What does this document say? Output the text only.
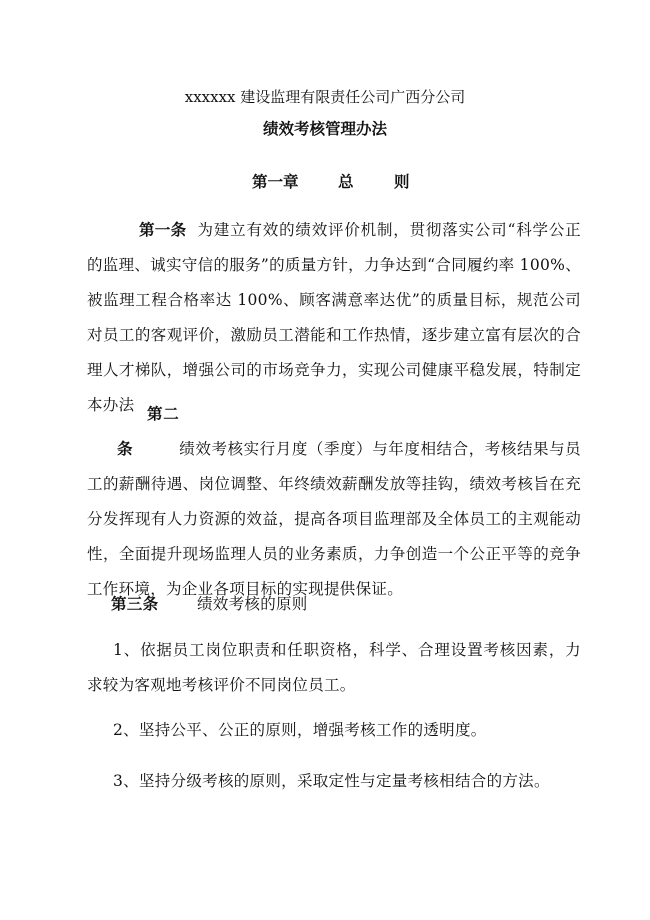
xxxxxx 建设监理有限责任公司广西分公司
绩效考核管理办法
第一章	总	则
第一条 为建立有效的绩效评价机制，贯彻落实公司“科学公正的监理、诚实守信的服务”的质量方针，力争达到“合同履约率 100%、被监理工程合格率达 100%、顾客满意率达优”的质量目标，规范公司对员工的客观评价，激励员工潜能和工作热情，逐步建立富有层次的合理人才梯队，增强公司的市场竞争力，实现公司健康平稳发展，特制定本办法 第二条	绩效考核实行月度（季度）与年度相结合，考核结果与员工的薪酬待遇、岗位调整、年终绩效薪酬发放等挂钩，绩效考核旨在充分发挥现有人力资源的效益，提高各项目监理部及全体员工的主观能动性，全面提升现场监理人员的业务素质，力争创造一个公正平等的竞争工作环境，为企业各项目标的实现提供保证。
第三条 绩效考核的原则
1、依据员工岗位职责和任职资格，科学、合理设置考核因素，力求较为客观地考核评价不同岗位员工。
2、坚持公平、公正的原则，增强考核工作的透明度。
3、坚持分级考核的原则，采取定性与定量考核相结合的方法。
